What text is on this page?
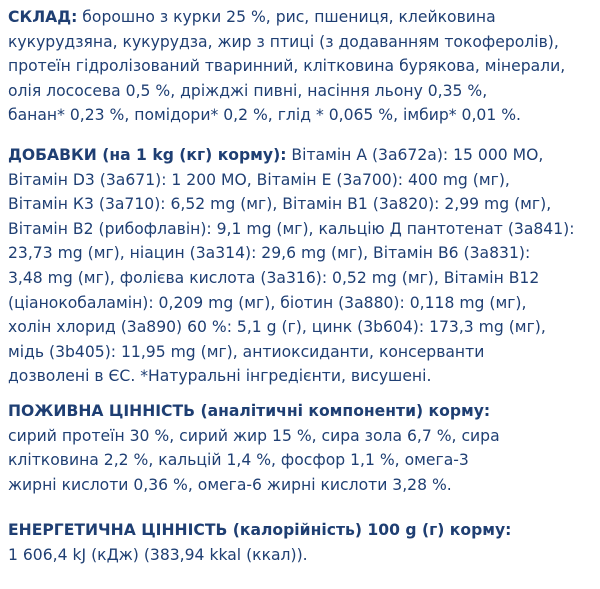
СКЛАД: борошно з курки 25 %, рис, пшениця, клейковина
кукурудзяна, кукурудза, жир з птиці (з додаванням токоферолів),
протеїн гідролізований тваринний, клітковина бурякова, мінерали,
олія лососева 0,5 %, дріжджі пивні, насіння льону 0,35 %,
банан* 0,23 %, помідори* 0,2 %, глід * 0,065 %, імбир* 0,01 %.
ДОБАВКИ (на 1 kg (кг) корму): Вітамін А (3а672а): 15 000 МО,
Вітамін D3 (3а671): 1 200 МО, Вітамін Е (3а700): 400 mg (мг),
Вітамін К3 (3а710): 6,52 mg (мг), Вітамін В1 (3а820): 2,99 mg (мг),
Вітамін В2 (рибофлавін): 9,1 mg (мг), кальцію Д пантотенат (3а841):
23,73 mg (мг), ніацин (3а314): 29,6 mg (мг), Вітамін В6 (3а831):
3,48 mg (мг), фолієва кислота (3а316): 0,52 mg (мг), Вітамін В12
(ціанокобаламін): 0,209 mg (мг), біотин (3а880): 0,118 mg (мг),
холін хлорид (3а890) 60 %: 5,1 g (г), цинк (3b604): 173,3 mg (мг),
мідь (3b405): 11,95 mg (мг), антиоксиданти, консерванти
дозволені в ЄС. *Натуральні інгредієнти, висушені.
ПОЖИВНА ЦІННІСТЬ (аналітичні компоненти) корму:
сирий протеїн 30 %, сирий жир 15 %, сира зола 6,7 %, сира
клітковина 2,2 %, кальцій 1,4 %, фосфор 1,1 %, омега-3
жирні кислоти 0,36 %, омега-6 жирні кислоти 3,28 %.
ЕНЕРГЕТИЧНА ЦІННІСТЬ (калорійність) 100 g (г) корму:
1 606,4 kJ (кДж) (383,94 kkal (ккал)).
